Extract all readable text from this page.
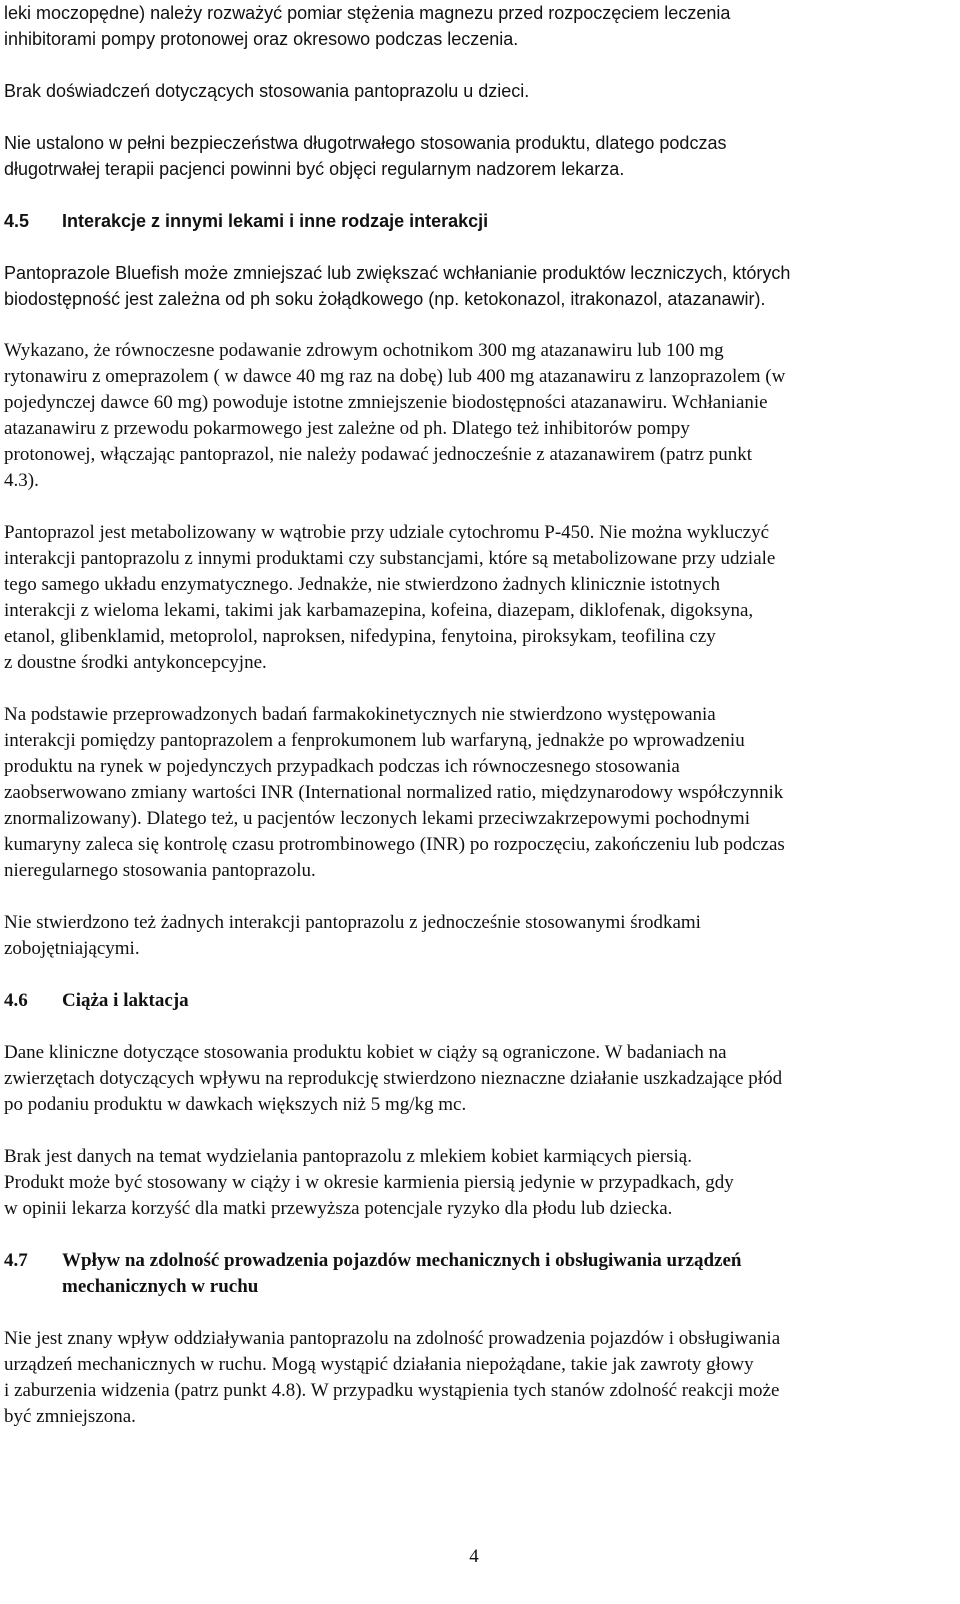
leki moczopędne) należy rozważyć pomiar stężenia magnezu przed rozpoczęciem leczenia
inhibitorami pompy protonowej oraz okresowo podczas leczenia.

Brak doświadczeń dotyczących stosowania pantoprazolu u dzieci.

Nie ustalono w pełni bezpieczeństwa długotrwałego stosowania produktu, dlatego podczas
długotrwałej terapii pacjenci powinni być objęci regularnym nadzorem lekarza.

4.5	Interakcje z innymi lekami i inne rodzaje interakcji

Pantoprazole Bluefish może zmniejszać lub zwiększać wchłanianie produktów leczniczych, których
biodostępność jest zależna od ph soku żołądkowego (np. ketokonazol, itrakonazol, atazanawir).

Wykazano, że równoczesne podawanie zdrowym ochotnikom 300 mg atazanawiru lub 100 mg
rytonawiru z omeprazolem ( w dawce 40 mg raz na dobę) lub 400 mg atazanawiru z lanzoprazolem (w
pojedynczej dawce 60 mg) powoduje istotne zmniejszenie biodostępności atazanawiru. Wchłanianie
atazanawiru z przewodu pokarmowego jest zależne od ph. Dlatego też inhibitorów pompy
protonowej, włączając pantoprazol, nie należy podawać jednocześnie z atazanawirem (patrz punkt
4.3).

Pantoprazol jest metabolizowany w wątrobie przy udziale cytochromu P-450. Nie można wykluczyć
interakcji pantoprazolu z innymi produktami czy substancjami, które są metabolizowane przy udziale
tego samego układu enzymatycznego. Jednakże, nie stwierdzono żadnych klinicznie istotnych
interakcji z wieloma lekami, takimi jak karbamazepina, kofeina, diazepam, diklofenak, digoksyna,
etanol, glibenklamid, metoprolol, naproksen, nifedypina, fenytoina, piroksykam, teofilina czy
z doustne środki antykoncepcyjne.

Na podstawie przeprowadzonych badań farmakokinetycznych nie stwierdzono występowania
interakcji pomiędzy pantoprazolem a fenprokumonem lub warfaryną, jednakże po wprowadzeniu
produktu na rynek w pojedynczych przypadkach podczas ich równoczesnego stosowania
zaobserwowano zmiany wartości INR (International normalized ratio, międzynarodowy współczynnik
znormalizowany). Dlatego też, u pacjentów leczonych lekami przeciwzakrzepowymi pochodnymi
kumaryny zaleca się kontrolę czasu protrombinowego (INR) po rozpoczęciu, zakończeniu lub podczas
nieregularnego stosowania pantoprazolu.

Nie stwierdzono też żadnych interakcji pantoprazolu z jednocześnie stosowanymi środkami
zobojętniającymi.

4.6	Ciąża i laktacja

Dane kliniczne dotyczące stosowania produktu kobiet w ciąży są ograniczone. W badaniach na
zwierzętach dotyczących wpływu na reprodukcję stwierdzono nieznaczne działanie uszkadzające płód
po podaniu produktu w dawkach większych niż 5 mg/kg mc.

Brak jest danych na temat wydzielania pantoprazolu z mlekiem kobiet karmiących piersią.
Produkt może być stosowany w ciąży i w okresie karmienia piersią jedynie w przypadkach, gdy
w opinii lekarza korzyść dla matki przewyższa potencjale ryzyko dla płodu lub dziecka.

4.7	Wpływ na zdolność prowadzenia pojazdów mechanicznych i obsługiwania urządzeń
mechanicznych w ruchu

Nie jest znany wpływ oddziaływania pantoprazolu na zdolność prowadzenia pojazdów i obsługiwania
urządzeń mechanicznych w ruchu. Mogą wystąpić działania niepożądane, takie jak zawroty głowy
i zaburzenia widzenia (patrz punkt 4.8). W przypadku wystąpienia tych stanów zdolność reakcji może
być zmniejszona.

4
